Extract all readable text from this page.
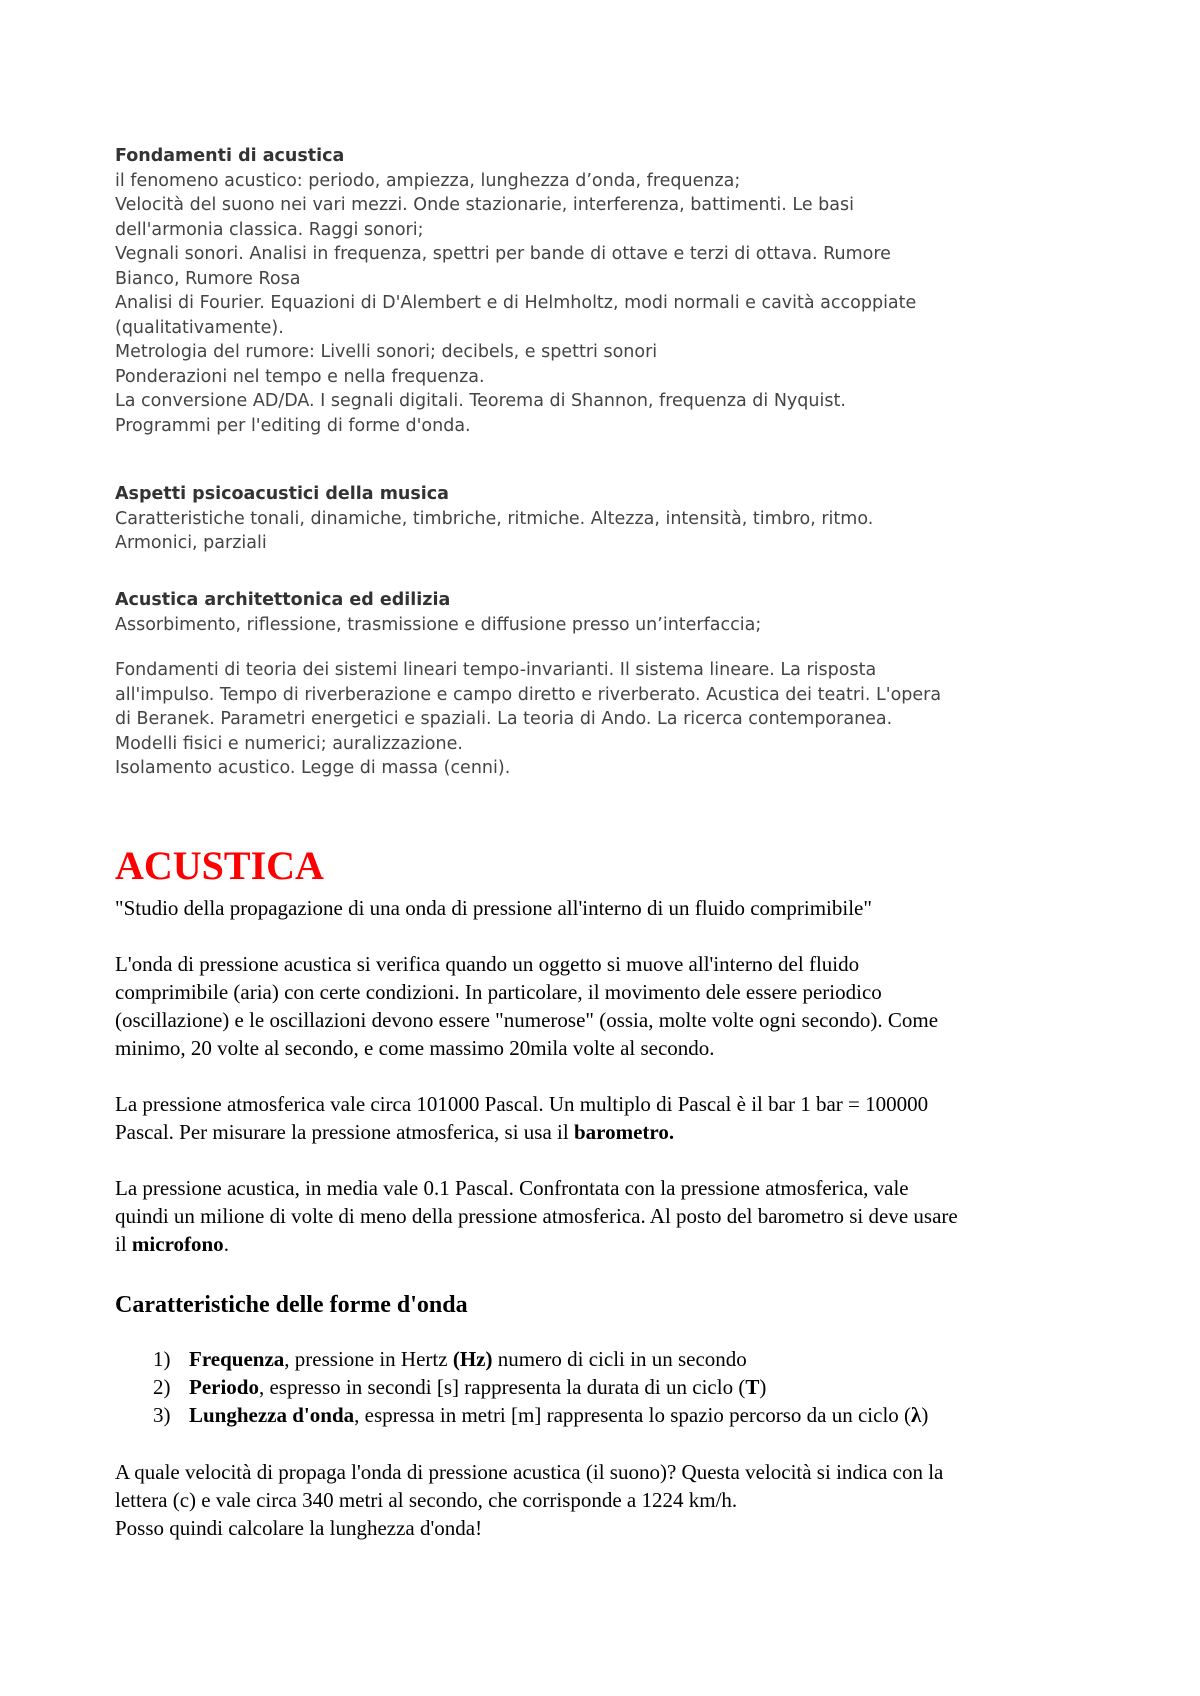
Fondamenti di acustica

il fenomeno acustico: periodo, ampiezza, lunghezza d’onda, frequenza;

Velocità del suono nei vari mezzi. Onde stazionarie, interferenza, battimenti. Le basi

dell'armonia classica. Raggi sonori;

Vegnali sonori. Analisi in frequenza, spettri per bande di ottave e terzi di ottava. Rumore

Bianco, Rumore Rosa

Analisi di Fourier. Equazioni di D'Alembert e di Helmholtz, modi normali e cavità accoppiate

(qualitativamente).

Metrologia del rumore: Livelli sonori; decibels, e spettri sonori

Ponderazioni nel tempo e nella frequenza.

La conversione AD/DA. I segnali digitali. Teorema di Shannon, frequenza di Nyquist.

Programmi per l'editing di forme d'onda.

Aspetti psicoacustici della musica

Caratteristiche tonali, dinamiche, timbriche, ritmiche. Altezza, intensità, timbro, ritmo.

Armonici, parziali

Acustica architettonica ed edilizia

Assorbimento, riflessione, trasmissione e diffusione presso un’interfaccia;

Fondamenti di teoria dei sistemi lineari tempo-invarianti. Il sistema lineare. La risposta

all'impulso. Tempo di riverberazione e campo diretto e riverberato. Acustica dei teatri. L'opera

di Beranek. Parametri energetici e spaziali. La teoria di Ando. La ricerca contemporanea.

Modelli fisici e numerici; auralizzazione.

Isolamento acustico. Legge di massa (cenni).

ACUSTICA

"Studio della propagazione di una onda di pressione all'interno di un fluido comprimibile"

L'onda di pressione acustica si verifica quando un oggetto si muove all'interno del fluido

comprimibile (aria) con certe condizioni. In particolare, il movimento dele essere periodico

(oscillazione) e le oscillazioni devono essere "numerose" (ossia, molte volte ogni secondo). Come

minimo, 20 volte al secondo, e come massimo 20mila volte al secondo.

La pressione atmosferica vale circa 101000 Pascal. Un multiplo di Pascal è il bar 1 bar = 100000

Pascal. Per misurare la pressione atmosferica, si usa il barometro.

La pressione acustica, in media vale 0.1 Pascal. Confrontata con la pressione atmosferica, vale

quindi un milione di volte di meno della pressione atmosferica. Al posto del barometro si deve usare

il microfono.

Caratteristiche delle forme d'onda
1) Frequenza, pressione in Hertz (Hz) numero di cicli in un secondo
2) Periodo, espresso in secondi [s] rappresenta la durata di un ciclo (T)
3) Lunghezza d'onda, espressa in metri [m] rappresenta lo spazio percorso da un ciclo (λ)

A quale velocità di propaga l'onda di pressione acustica (il suono)? Questa velocità si indica con la

lettera (c) e vale circa 340 metri al secondo, che corrisponde a 1224 km/h.

Posso quindi calcolare la lunghezza d'onda!
